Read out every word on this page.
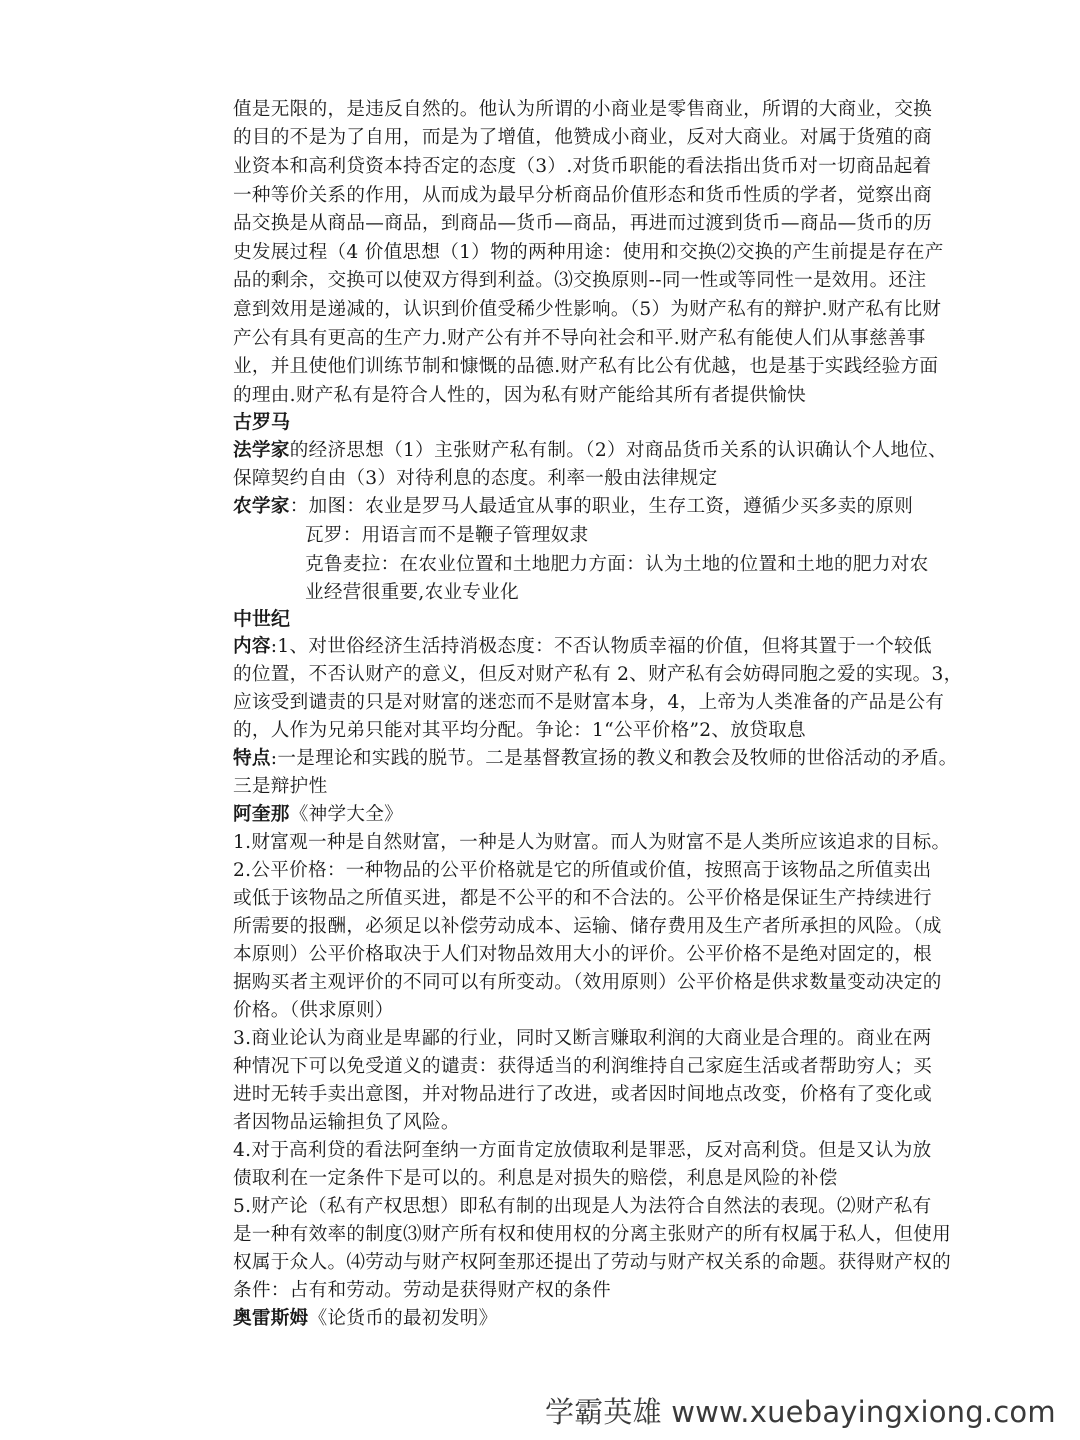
值是无限的，是违反自然的。他认为所谓的小商业是零售商业，所谓的大商业，交换
的目的不是为了自用，而是为了增值，他赞成小商业，反对大商业。对属于货殖的商
业资本和高利贷资本持否定的态度（3）.对货币职能的看法指出货币对一切商品起着
一种等价关系的作用，从而成为最早分析商品价值形态和货币性质的学者，觉察出商
品交换是从商品—商品，到商品—货币—商品，再进而过渡到货币—商品—货币的历
史发展过程（4 价值思想（1）物的两种用途：使用和交换⑵交换的产生前提是存在产
品的剩余，交换可以使双方得到利益。⑶交换原则--同一性或等同性一是效用。还注
意到效用是递减的，认识到价值受稀少性影响。（5）为财产私有的辩护.财产私有比财
产公有具有更高的生产力.财产公有并不导向社会和平.财产私有能使人们从事慈善事
业，并且使他们训练节制和慷慨的品德.财产私有比公有优越，也是基于实践经验方面
的理由.财产私有是符合人性的，因为私有财产能给其所有者提供愉快
古罗马
法学家的经济思想（1）主张财产私有制。（2）对商品货币关系的认识确认个人地位、
保障契约自由（3）对待利息的态度。利率一般由法律规定
农学家：加图：农业是罗马人最适宜从事的职业，生存工资，遵循少买多卖的原则
瓦罗：用语言而不是鞭子管理奴隶
克鲁麦拉：在农业位置和土地肥力方面：认为土地的位置和土地的肥力对农
业经营很重要,农业专业化
中世纪
内容:1、对世俗经济生活持消极态度：不否认物质幸福的价值，但将其置于一个较低
的位置，不否认财产的意义，但反对财产私有 2、财产私有会妨碍同胞之爱的实现。3，
应该受到谴责的只是对财富的迷恋而不是财富本身，4，上帝为人类准备的产品是公有
的，人作为兄弟只能对其平均分配。争论：1“公平价格”2、放贷取息
特点:一是理论和实践的脱节。二是基督教宣扬的教义和教会及牧师的世俗活动的矛盾。
三是辩护性
阿奎那《神学大全》
1.财富观一种是自然财富，一种是人为财富。而人为财富不是人类所应该追求的目标。
2.公平价格：一种物品的公平价格就是它的所值或价值，按照高于该物品之所值卖出
或低于该物品之所值买进，都是不公平的和不合法的。公平价格是保证生产持续进行
所需要的报酬，必须足以补偿劳动成本、运输、储存费用及生产者所承担的风险。（成
本原则）公平价格取决于人们对物品效用大小的评价。公平价格不是绝对固定的，根
据购买者主观评价的不同可以有所变动。（效用原则）公平价格是供求数量变动决定的
价格。（供求原则）
3.商业论认为商业是卑鄙的行业，同时又断言赚取利润的大商业是合理的。商业在两
种情况下可以免受道义的谴责：获得适当的利润维持自己家庭生活或者帮助穷人；买
进时无转手卖出意图，并对物品进行了改进，或者因时间地点改变，价格有了变化或
者因物品运输担负了风险。
4.对于高利贷的看法阿奎纳一方面肯定放债取利是罪恶，反对高利贷。但是又认为放
债取利在一定条件下是可以的。利息是对损失的赔偿，利息是风险的补偿
5.财产论（私有产权思想）即私有制的出现是人为法符合自然法的表现。⑵财产私有
是一种有效率的制度⑶财产所有权和使用权的分离主张财产的所有权属于私人，但使用
权属于众人。⑷劳动与财产权阿奎那还提出了劳动与财产权关系的命题。获得财产权的
条件：占有和劳动。劳动是获得财产权的条件
奥雷斯姆《论货币的最初发明》
学霸英雄 www.xuebayingxiong.com
